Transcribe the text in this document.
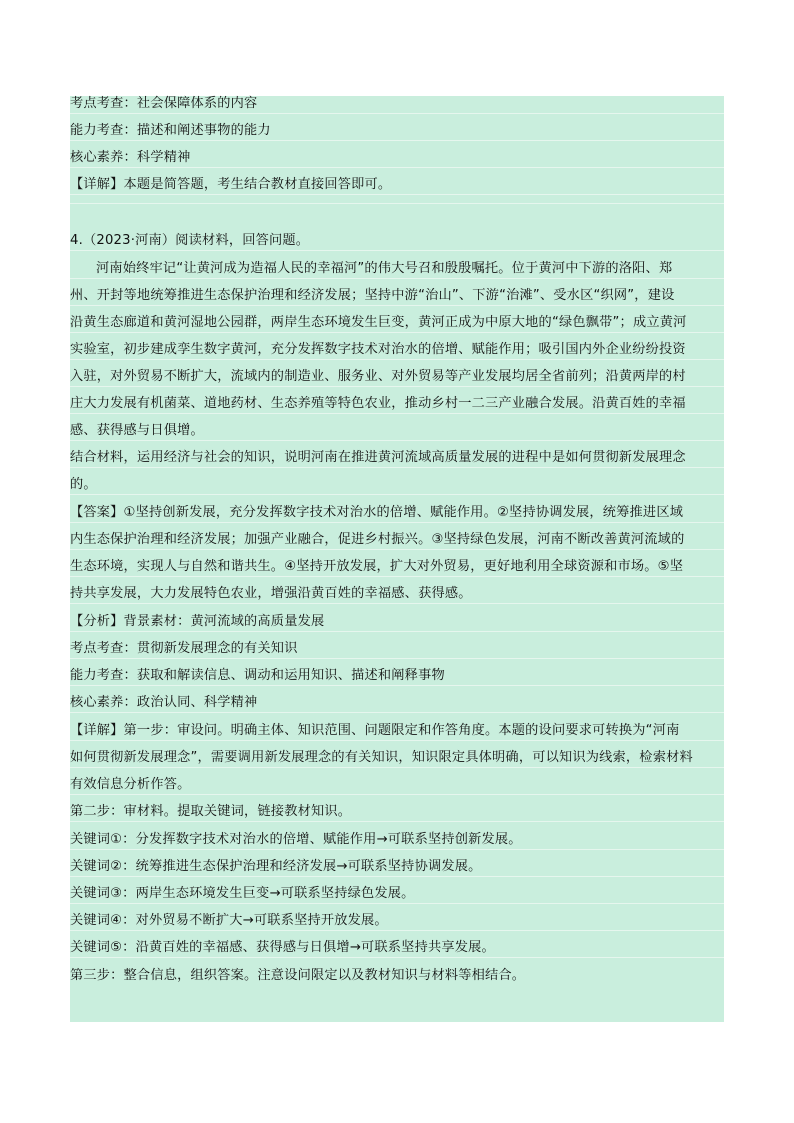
考点考查：社会保障体系的内容
能力考查：描述和阐述事物的能力
核心素养：科学精神
【详解】本题是简答题，考生结合教材直接回答即可。
4.（2023·河南）阅读材料，回答问题。
河南始终牢记“让黄河成为造福人民的幸福河”的伟大号召和殷殷嘱托。位于黄河中下游的洛阳、郑
州、开封等地统筹推进生态保护治理和经济发展；坚持中游“治山”、下游“治滩”、受水区“织网”，建设
沿黄生态廊道和黄河湿地公园群，两岸生态环境发生巨变，黄河正成为中原大地的“绿色飘带”；成立黄河
实验室，初步建成孪生数字黄河，充分发挥数字技术对治水的倍增、赋能作用；吸引国内外企业纷纷投资
入驻，对外贸易不断扩大，流域内的制造业、服务业、对外贸易等产业发展均居全省前列；沿黄两岸的村
庄大力发展有机菌菜、道地药材、生态养殖等特色农业，推动乡村一二三产业融合发展。沿黄百姓的幸福
感、获得感与日俱增。
结合材料，运用经济与社会的知识，说明河南在推进黄河流域高质量发展的进程中是如何贯彻新发展理念
的。
【答案】①坚持创新发展，充分发挥数字技术对治水的倍增、赋能作用。②坚持协调发展，统筹推进区域
内生态保护治理和经济发展；加强产业融合，促进乡村振兴。③坚持绿色发展，河南不断改善黄河流域的
生态环境，实现人与自然和谐共生。④坚持开放发展，扩大对外贸易，更好地利用全球资源和市场。⑤坚
持共享发展，大力发展特色农业，增强沿黄百姓的幸福感、获得感。
【分析】背景素材：黄河流域的高质量发展
考点考查：贯彻新发展理念的有关知识
能力考查：获取和解读信息、调动和运用知识、描述和阐释事物
核心素养：政治认同、科学精神
【详解】第一步：审设问。明确主体、知识范围、问题限定和作答角度。本题的设问要求可转换为“河南
如何贯彻新发展理念”，需要调用新发展理念的有关知识，知识限定具体明确，可以知识为线索，检索材料
有效信息分析作答。
第二步：审材料。提取关键词，链接教材知识。
关键词①：分发挥数字技术对治水的倍增、赋能作用→可联系坚持创新发展。
关键词②：统筹推进生态保护治理和经济发展→可联系坚持协调发展。
关键词③：两岸生态环境发生巨变→可联系坚持绿色发展。
关键词④：对外贸易不断扩大→可联系坚持开放发展。
关键词⑤：沿黄百姓的幸福感、获得感与日俱增→可联系坚持共享发展。
第三步：整合信息，组织答案。注意设问限定以及教材知识与材料等相结合。
